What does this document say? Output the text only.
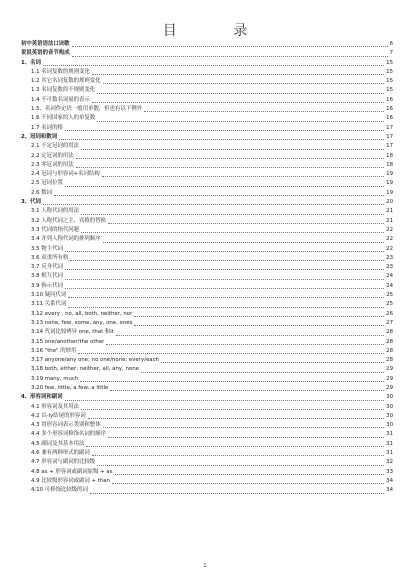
目 录
初中英语语法口诀歌	6
说说英语的音节构成	7
1、名词	15
1.1 名词复数的规则变化	15
1.2 其它名词复数的规则变化	15
1.3 名词复数的不规则变化	15
1.4 不可数名词量的表示	16
1.5、名词作定语一般用单数，但也有以下例外	16
1.6 不同国家的人的单复数	16
1.7 名词的格	17
2、冠词和数词	17
2.1 不定冠词的用法	17
2.2 定冠词的用法	18
2.3 零冠词的用法	18
2.4 冠词与形容词+名词结构	19
2.5 冠词位置	19
2.6 数词	19
3、代词	20
3.1 人称代词的用法	21
3.2 人称代词之主、宾格的替换	21
3.3 代词的指代问题	22
3.4 并列人称代词的排列顺序	22
3.5 物主代词	22
3.6 双重所有格	23
3.7 反身代词	23
3.8 相互代词	24
3.9 指示代词	24
3.10 疑问代词	25
3.11 关系代词	25
3.12 every , no, all, both, neither, nor	26
3.13 none, few, some, any, one, ones	27
3.14 代词比较辨异 one, that 和it	28
3.15 one/another/the other	28
3.16 "the" 的妙用	28
3.17 anyone/any one; no one/none; every/each	28
3.18 both, either, neither, all, any, none	29
3.19 many, much	29
3.20 few, little, a few, a little	29
4、形容词和副词	30
4.1 形容词及其用法	30
4.2 以-ly结尾的形容词	30
4.3 用形容词表示类别和整体	30
4.4 多个形容词修饰名词的顺序	31
4.5 副词及其基本用法	31
4.6 兼有两种形式的副词	31
4.7 形容词与副词的比较级	32
4.8 as + 形容词或副词原级 + as	33
4.9 比较级形容词或副词 + than	34
4.10 可修饰比较级的词	34
1
